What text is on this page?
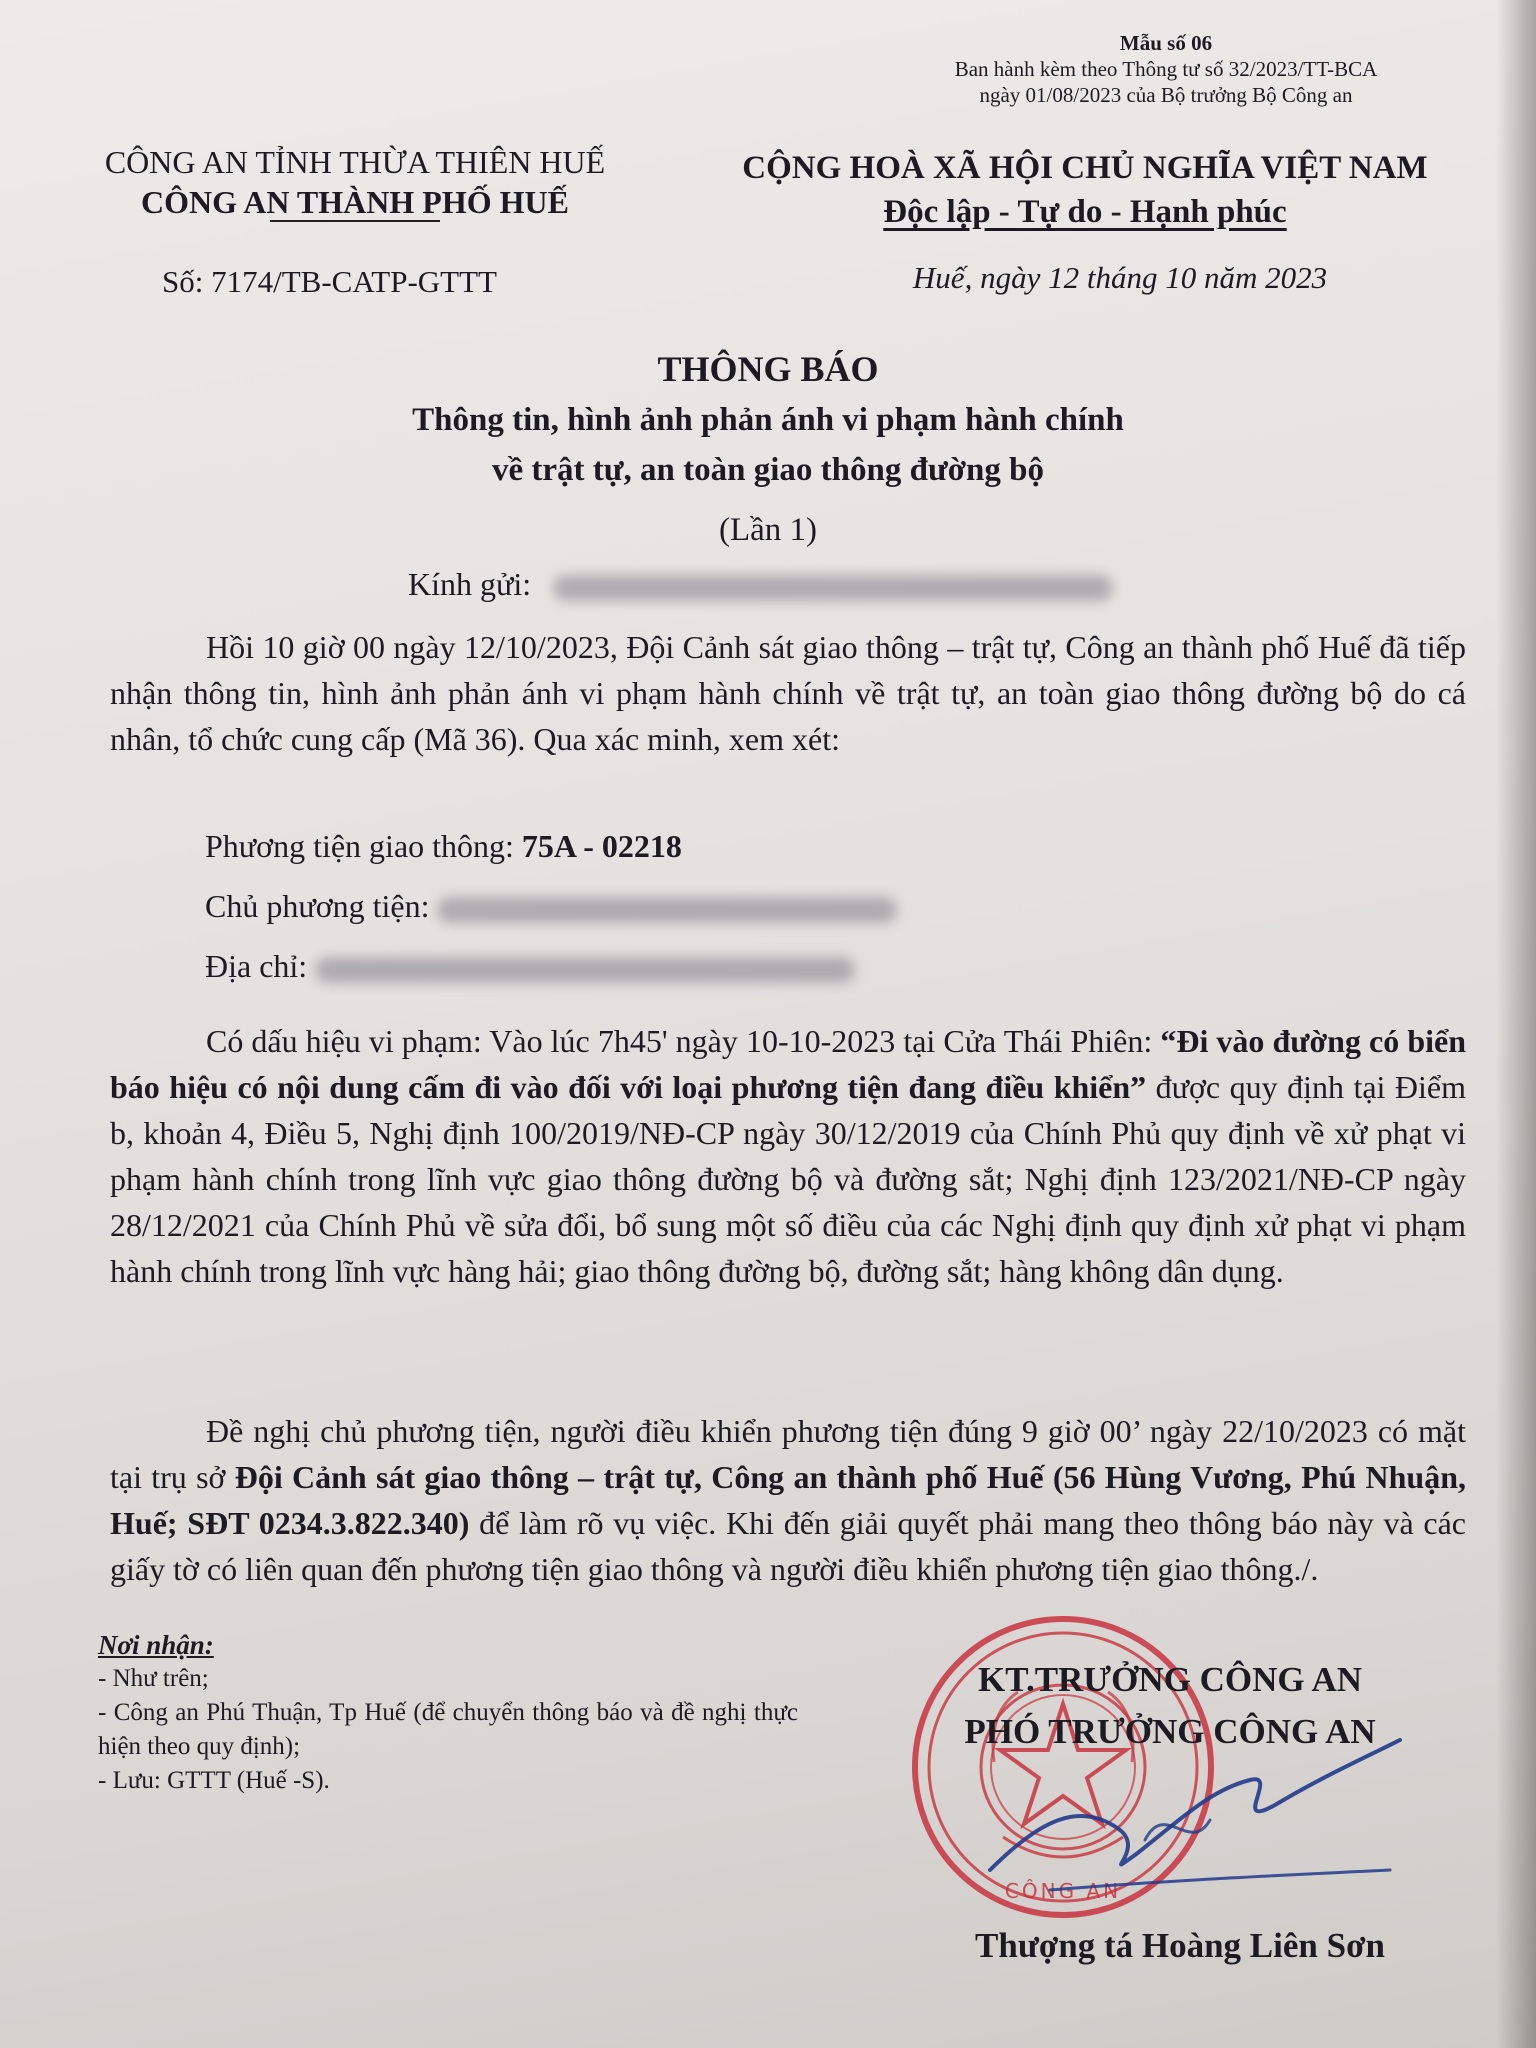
Mẫu số 06
Ban hành kèm theo Thông tư số 32/2023/TT-BCA
ngày 01/08/2023 của Bộ trưởng Bộ Công an
CÔNG AN TỈNH THỪA THIÊN HUẾ
CÔNG AN THÀNH PHỐ HUẾ
CỘNG HOÀ XÃ HỘI CHỦ NGHĨA VIỆT NAM
Độc lập - Tự do - Hạnh phúc
Số: 7174/TB-CATP-GTTT	Huế, ngày 12 tháng 10 năm 2023
THÔNG BÁO
Thông tin, hình ảnh phản ánh vi phạm hành chính
về trật tự, an toàn giao thông đường bộ
(Lần 1)
Kính gửi:
Hồi 10 giờ 00 ngày 12/10/2023, Đội Cảnh sát giao thông – trật tự, Công an thành phố Huế đã tiếp nhận thông tin, hình ảnh phản ánh vi phạm hành chính về trật tự, an toàn giao thông đường bộ do cá nhân, tổ chức cung cấp (Mã 36). Qua xác minh, xem xét:
Phương tiện giao thông: 75A - 02218
Chủ phương tiện:
Địa chỉ:
Có dấu hiệu vi phạm: Vào lúc 7h45' ngày 10-10-2023 tại Cửa Thái Phiên: “Đi vào đường có biển báo hiệu có nội dung cấm đi vào đối với loại phương tiện đang điều khiển” được quy định tại Điểm b, khoản 4, Điều 5, Nghị định 100/2019/NĐ-CP ngày 30/12/2019 của Chính Phủ quy định về xử phạt vi phạm hành chính trong lĩnh vực giao thông đường bộ và đường sắt; Nghị định 123/2021/NĐ-CP ngày 28/12/2021 của Chính Phủ về sửa đổi, bổ sung một số điều của các Nghị định quy định xử phạt vi phạm hành chính trong lĩnh vực hàng hải; giao thông đường bộ, đường sắt; hàng không dân dụng.
Đề nghị chủ phương tiện, người điều khiển phương tiện đúng 9 giờ 00’ ngày 22/10/2023 có mặt tại trụ sở Đội Cảnh sát giao thông – trật tự, Công an thành phố Huế (56 Hùng Vương, Phú Nhuận, Huế; SĐT 0234.3.822.340) để làm rõ vụ việc. Khi đến giải quyết phải mang theo thông báo này và các giấy tờ có liên quan đến phương tiện giao thông và người điều khiển phương tiện giao thông./.
Nơi nhận:
- Như trên;
- Công an Phú Thuận, Tp Huế (để chuyển thông báo và đề nghị thực hiện theo quy định);
- Lưu: GTTT (Huế -S).
CÔNG AN
KT.TRƯỞNG CÔNG AN
PHÓ TRƯỞNG CÔNG AN
Thượng tá Hoàng Liên Sơn
